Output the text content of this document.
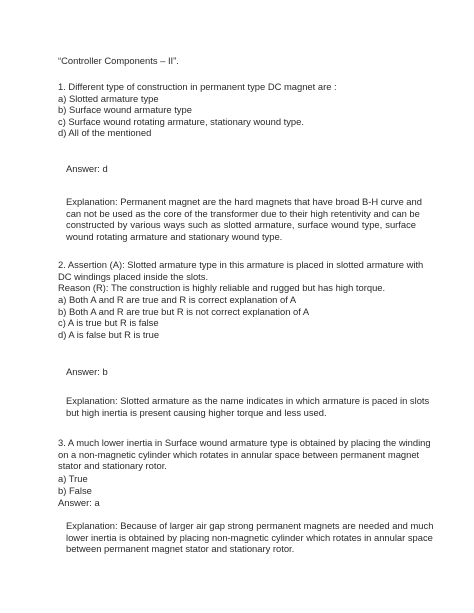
“Controller Components – II”.
1. Different type of construction in permanent type DC magnet are :
a) Slotted armature type
b) Surface wound armature type
c) Surface wound rotating armature, stationary wound type.
d) All of the mentioned
Answer: d
Explanation: Permanent magnet are the hard magnets that have broad B-H curve and
can not be used as the core of the transformer due to their high retentivity and can be
constructed by various ways such as slotted armature, surface wound type, surface
wound rotating armature and stationary wound type.
2. Assertion (A): Slotted armature type in this armature is placed in slotted armature with
DC windings placed inside the slots.
Reason (R): The construction is highly reliable and rugged but has high torque.
a) Both A and R are true and R is correct explanation of A
b) Both A and R are true but R is not correct explanation of A
c) A is true but R is false
d) A is false but R is true
Answer: b
Explanation: Slotted armature as the name indicates in which armature is paced in slots
but high inertia is present causing higher torque and less used.
3. A much lower inertia in Surface wound armature type is obtained by placing the winding
on a non-magnetic cylinder which rotates in annular space between permanent magnet
stator and stationary rotor.
a) True
b) False
Answer: a
Explanation: Because of larger air gap strong permanent magnets are needed and much
lower inertia is obtained by placing non-magnetic cylinder which rotates in annular space
between permanent magnet stator and stationary rotor.
